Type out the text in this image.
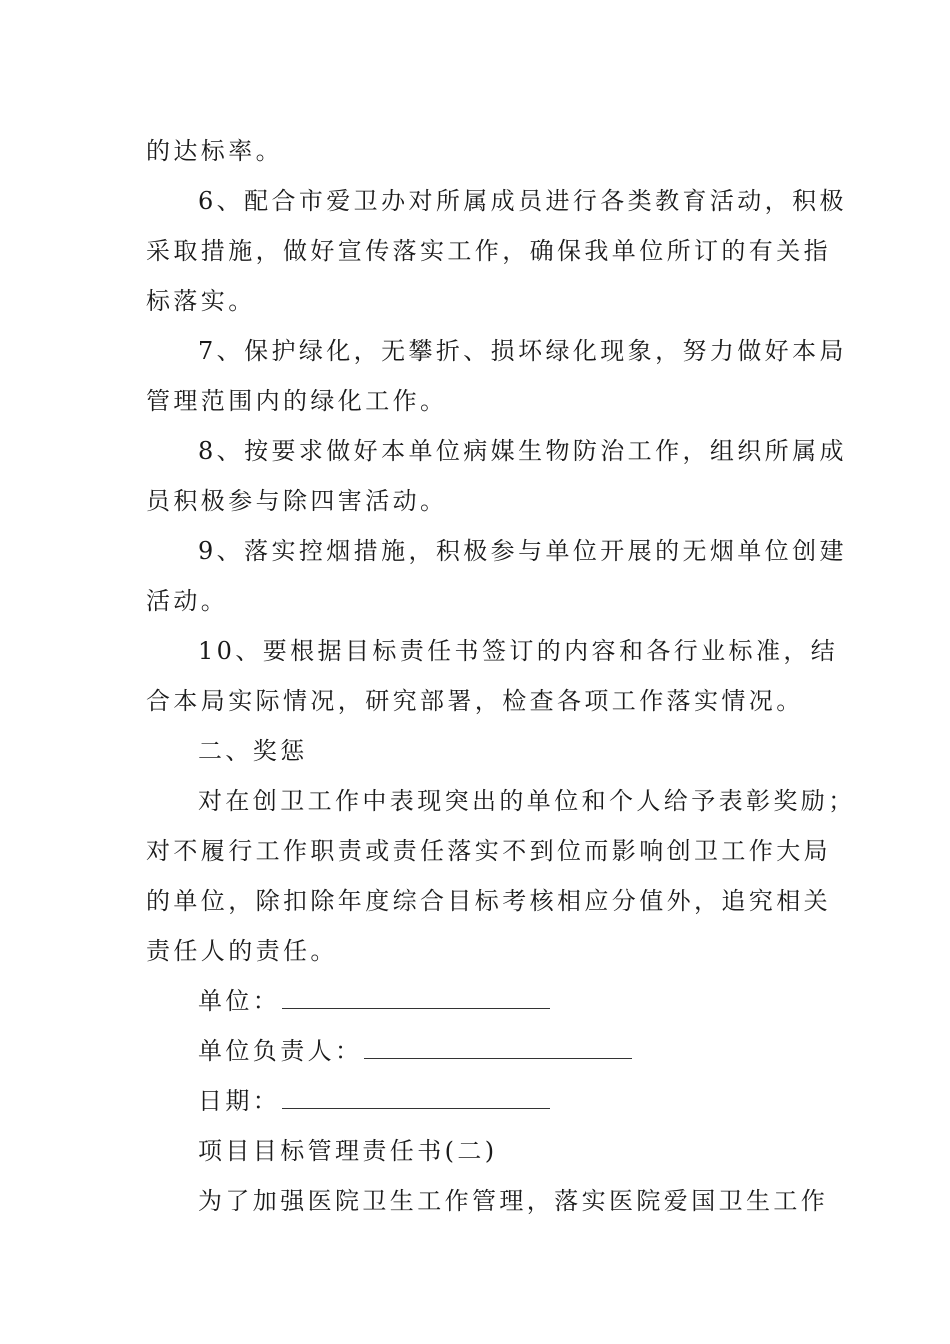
的达标率。
6、配合市爱卫办对所属成员进行各类教育活动，积极
采取措施，做好宣传落实工作，确保我单位所订的有关指
标落实。
7、保护绿化，无攀折、损坏绿化现象，努力做好本局
管理范围内的绿化工作。
8、按要求做好本单位病媒生物防治工作，组织所属成
员积极参与除四害活动。
9、落实控烟措施，积极参与单位开展的无烟单位创建
活动。
10、要根据目标责任书签订的内容和各行业标准，结
合本局实际情况，研究部署，检查各项工作落实情况。
二、奖惩
对在创卫工作中表现突出的单位和个人给予表彰奖励；
对不履行工作职责或责任落实不到位而影响创卫工作大局
的单位，除扣除年度综合目标考核相应分值外，追究相关
责任人的责任。
单位：
单位负责人：
日期：
项目目标管理责任书(二)
为了加强医院卫生工作管理，落实医院爱国卫生工作
